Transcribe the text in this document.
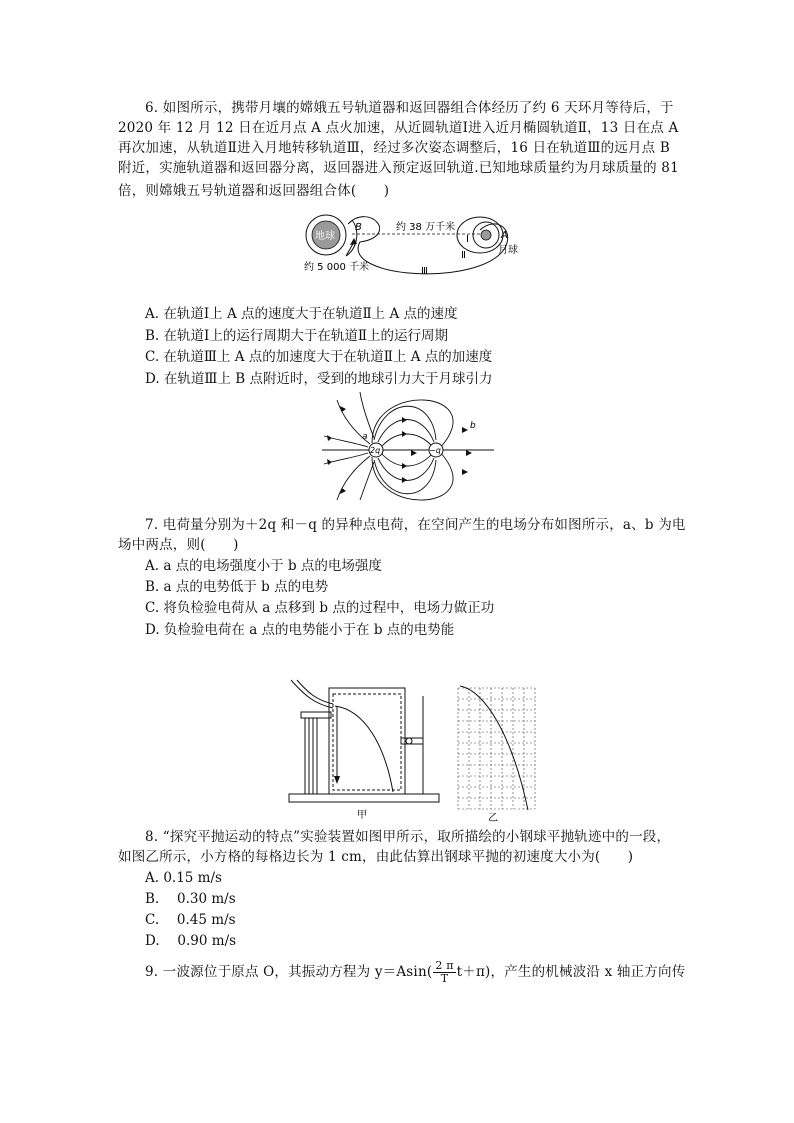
6. 如图所示，携带月壤的嫦娥五号轨道器和返回器组合体经历了约 6 天环月等待后，于
2020 年 12 月 12 日在近月点 A 点火加速，从近圆轨道Ⅰ进入近月椭圆轨道Ⅱ，13 日在点 A
再次加速，从轨道Ⅱ进入月地转移轨道Ⅲ，经过多次姿态调整后，16 日在轨道Ⅲ的远月点 B
附近，实施轨道器和返回器分离，返回器进入预定返回轨道.已知地球质量约为月球质量的 81
倍，则嫦娥五号轨道器和返回器组合体(　　)
地球
B	约 38 万千米
A
月球
Ⅰ
Ⅱ
Ⅲ
约 5 000 千米
A. 在轨道Ⅰ上 A 点的速度大于在轨道Ⅱ上 A 点的速度
B. 在轨道Ⅰ上的运行周期大于在轨道Ⅱ上的运行周期
C. 在轨道Ⅲ上 A 点的加速度大于在轨道Ⅱ上 A 点的加速度
D. 在轨道Ⅲ上 B 点附近时，受到的地球引力大于月球引力
2q	−q
a
b
7. 电荷量分别为＋2q 和－q 的异种点电荷，在空间产生的电场分布如图所示，a、b 为电
场中两点，则(　　)
A. a 点的电场强度小于 b 点的电场强度
B. a 点的电势低于 b 点的电势
C. 将负检验电荷从 a 点移到 b 点的过程中，电场力做正功
D. 负检验电荷在 a 点的电势能小于在 b 点的电势能
甲	乙
8. “探究平抛运动的特点”实验装置如图甲所示，取所描绘的小钢球平抛轨迹中的一段，
如图乙所示，小方格的每格边长为 1 cm，由此估算出钢球平抛的初速度大小为(　　)
A. 0.15 m/s
B. 　0.30 m/s
C. 　0.45 m/s
D. 　0.90 m/s
9. 一波源位于原点 O，其振动方程为 $y=Asin( \frac{2 \pi}{T} t+\pi)$，产生的机械波沿 x 轴正方向传
